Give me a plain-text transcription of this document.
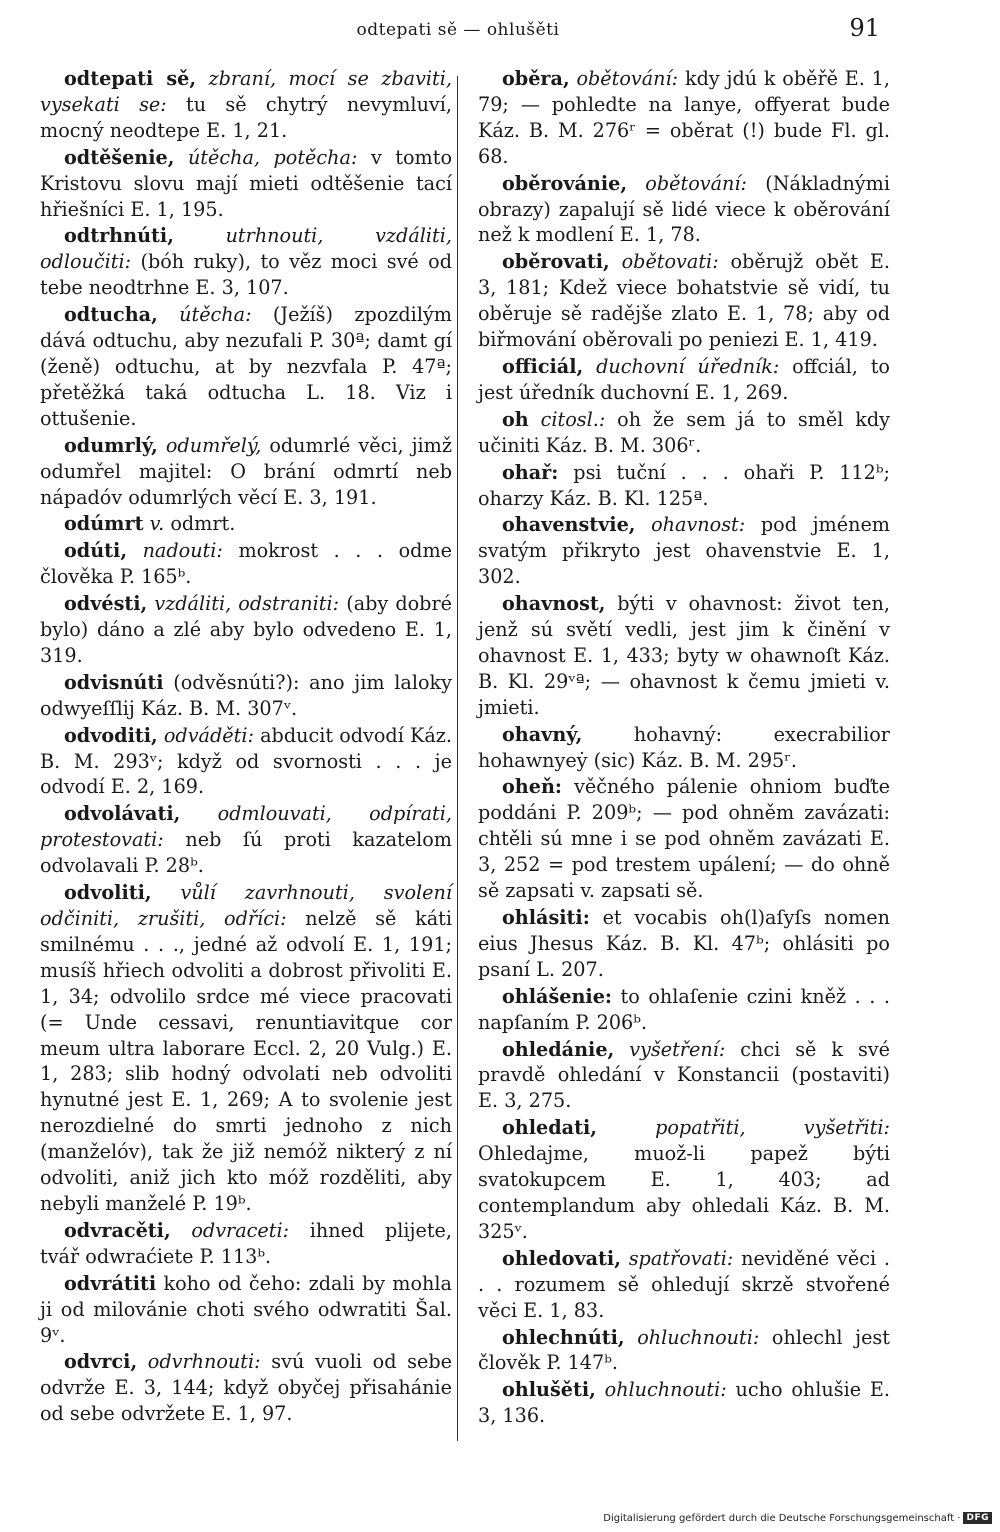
odtepati sě — ohlušěti	91

odtepati sě, zbraní, mocí se zbaviti, vysekati se: tu sě chytrý nevymluví, mocný neodtepe E. 1, 21.

odtěšenie, útěcha, potěcha: v tomto Kristovu slovu mají mieti odtěšenie tací hřiešníci E. 1, 195.

odtrhnúti,	utrhnouti, vzdáliti, odloučiti: (bóh ruky), to věz moci své od tebe neodtrhne E. 3, 107.

odtucha, útěcha: (Ježíš) zpozdilým dává odtuchu, aby nezufali P. 30ª; damt gí (ženě) odtuchu, at by nezvfala P. 47ª; přetěžká taká odtucha L. 18. Viz i ottušenie.

odumrlý, odumřelý, odumrlé věci, jimž odumřel majitel: O brání odmrtí neb nápadóv odumrlých věcí E. 3, 191.

odúmrt v. odmrt.

odúti, nadouti: mokrost . . . odme člověka P. 165ᵇ.

odvésti, vzdáliti, odstraniti: (aby dobré bylo) dáno a zlé aby bylo odvedeno E. 1, 319.

odvisnúti (odvěsnúti?): ano jim laloky odwyeſſlij Káz. B. M. 307ᵛ.

odvoditi, odváděti: abducit odvodí Káz. B. M. 293ᵛ; když od svornosti . . . je odvodí E. 2, 169.

odvolávati, odmlouvati, odpírati, protestovati: neb ſú proti kazatelom odvolavali P. 28ᵇ.

odvoliti, vůlí zavrhnouti, svolení odčiniti, zrušiti, odříci: nelzě sě káti smilnému . . ., jedné až odvolí E. 1, 191; musíš hřiech odvoliti a dobrost přivoliti E. 1, 34; odvolilo srdce mé viece pracovati (= Unde cessavi, renuntiavitque cor meum ultra laborare Eccl. 2, 20 Vulg.) E. 1, 283; slib hodný odvolati neb odvoliti hynutné jest E. 1, 269; A to svolenie jest nerozdielné do smrti jednoho z nich (manželóv), tak že již nemóž nikterý z ní odvoliti, aniž jich kto móž rozděliti, aby nebyli manželé P. 19ᵇ.

odvracěti, odvraceti: ihned plijete, tvář odwraćiete P. 113ᵇ.

odvrátiti koho od čeho: zdali by mohla ji od milovánie choti svého odwratiti Šal. 9ᵛ.

odvrci, odvrhnouti: svú vuoli od sebe odvrže E. 3, 144; když obyčej přisahánie od sebe odvržete E. 1, 97.

oběra, obětování: kdy jdú k oběřě E. 1, 79; — pohledte na lanye, offyerat bude Káz. B. M. 276ʳ = oběrat (!) bude Fl. gl. 68.

oběrovánie, obětování: (Nákladnými obrazy) zapalují sě lidé viece k oběrování než k modlení E. 1, 78.

oběrovati, obětovati: oběrujž obět E. 3, 181; Kdež viece bohatstvie sě vidí, tu oběruje sě radějše zlato E. 1, 78; aby od biřmování oběrovali po peniezi E. 1, 419.

officiál, duchovní úředník: offciál, to jest úředník duchovní E. 1, 269.

oh citosl.: oh že sem já to směl kdy učiniti Káz. B. M. 306ʳ.

ohař: psi tuční . . . ohaři P. 112ᵇ; oharzy Káz. B. Kl. 125ª.

ohavenstvie, ohavnost: pod jménem svatým přikryto jest ohavenstvie E. 1, 302.

ohavnost, býti v ohavnost: život ten, jenž sú světí vedli, jest jim k činění v ohavnost E. 1, 433; byty w ohawnoſt Káz. B. Kl. 29ᵛª; — ohavnost k čemu jmieti v. jmieti.

ohavný,	hohavný: execrabilior hohawnyeẏ (sic) Káz. B. M. 295ʳ.

oheň: věčného pálenie ohniom buďte poddáni P. 209ᵇ; — pod ohněm zavázati: chtěli sú mne i se pod ohněm zavázati E. 3, 252 = pod trestem upálení; — do ohně sě zapsati v. zapsati sě.

ohlásiti: et vocabis oh(l)aſyſs nomen eius Jhesus Káz. B. Kl. 47ᵇ; ohlásiti po psaní L. 207.

ohlášenie: to ohlaſenie czini kněž . . . napſaním P. 206ᵇ.

ohledánie, vyšetření: chci sě k své pravdě ohledání v Konstancii (postaviti) E. 3, 275.

ohledati,	popatřiti, vyšetřiti: Ohledajme, muož-li papež býti svatokupcem E. 1, 403; ad contemplandum aby ohledali Káz. B. M. 325ᵛ.

ohledovati, spatřovati: neviděné věci . . . rozumem sě ohledují skrzě stvořené věci E. 1, 83.

ohlechnúti, ohluchnouti: ohlechl jest člověk P. 147ᵇ.

ohlušěti, ohluchnouti: ucho ohlušie E. 3, 136.

Digitalisierung gefördert durch die Deutsche Forschungsgemeinschaft · DFG
